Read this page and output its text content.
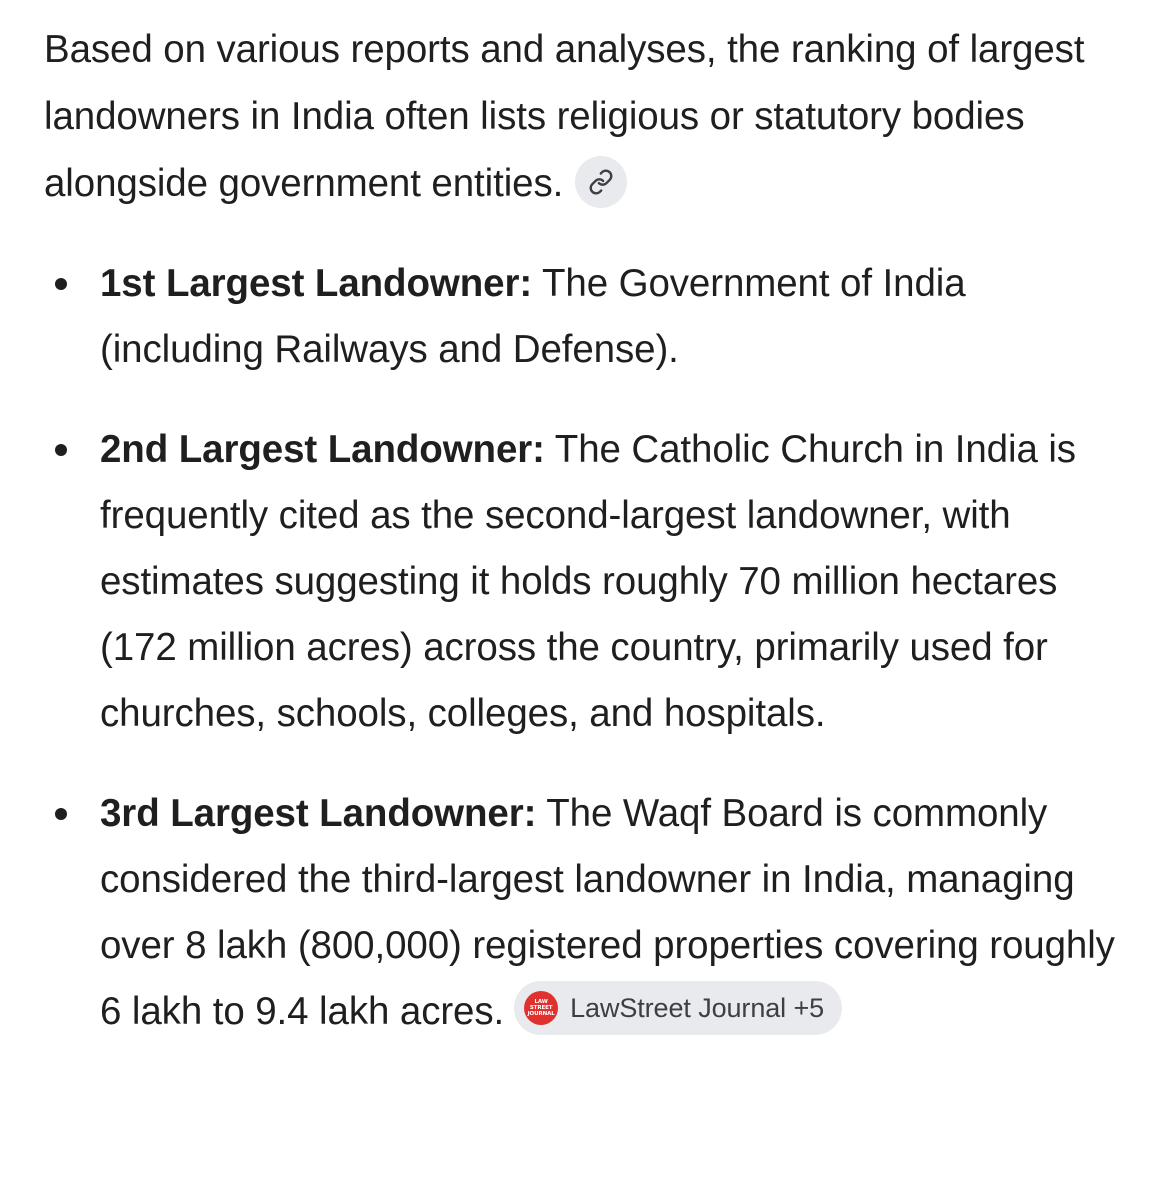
Based on various reports and analyses, the ranking of largest landowners in India often lists religious or statutory bodies alongside government entities.

1st Largest Landowner: The Government of India (including Railways and Defense).
2nd Largest Landowner: The Catholic Church in India is frequently cited as the second-largest landowner, with estimates suggesting it holds roughly 70 million hectares (172 million acres) across the country, primarily used for churches, schools, colleges, and hospitals.
3rd Largest Landowner: The Waqf Board is commonly considered the third-largest landowner in India, managing over 8 lakh (800,000) registered properties covering roughly 6 lakh to 9.4 lakh acres.	LAW
STREET
JOURNAL LawStreet Journal +5
